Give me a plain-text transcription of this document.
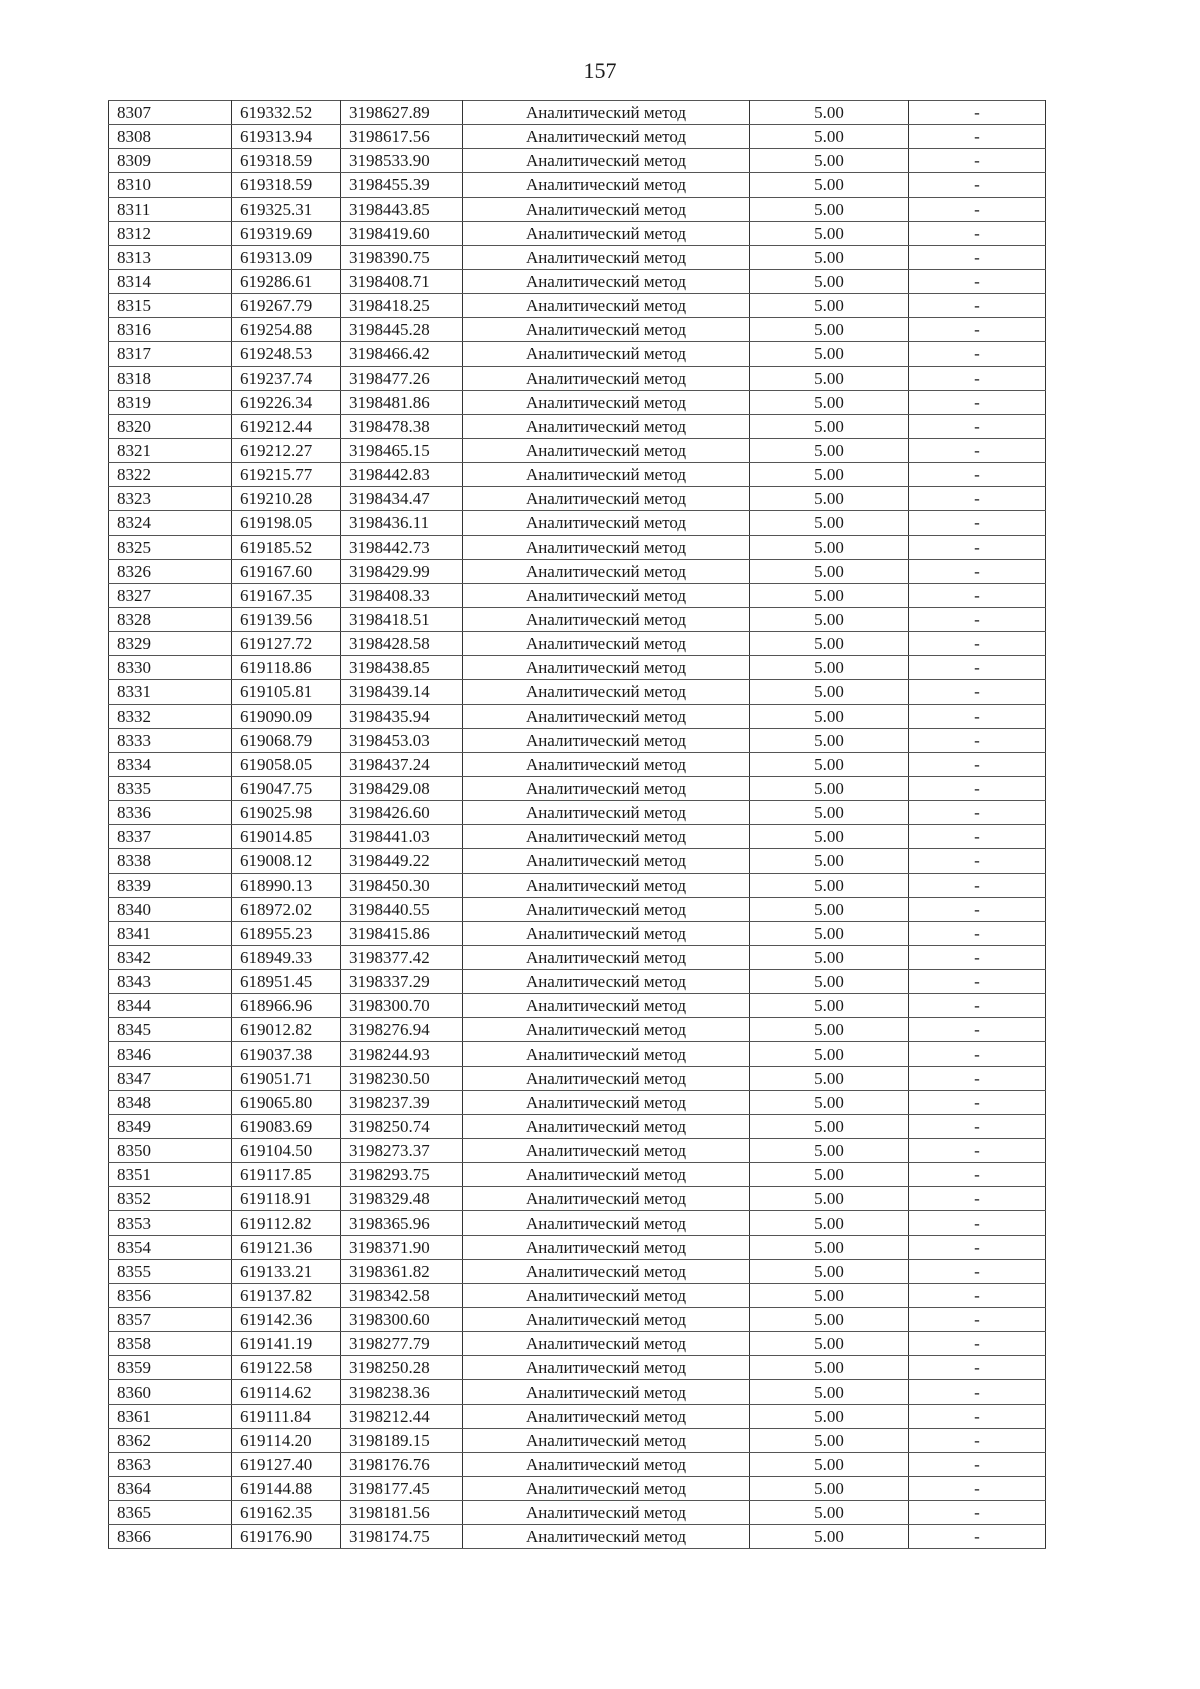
157
8307	619332.52	3198627.89	Аналитический метод	5.00	-
8308	619313.94	3198617.56	Аналитический метод	5.00	-
8309	619318.59	3198533.90	Аналитический метод	5.00	-
8310	619318.59	3198455.39	Аналитический метод	5.00	-
8311	619325.31	3198443.85	Аналитический метод	5.00	-
8312	619319.69	3198419.60	Аналитический метод	5.00	-
8313	619313.09	3198390.75	Аналитический метод	5.00	-
8314	619286.61	3198408.71	Аналитический метод	5.00	-
8315	619267.79	3198418.25	Аналитический метод	5.00	-
8316	619254.88	3198445.28	Аналитический метод	5.00	-
8317	619248.53	3198466.42	Аналитический метод	5.00	-
8318	619237.74	3198477.26	Аналитический метод	5.00	-
8319	619226.34	3198481.86	Аналитический метод	5.00	-
8320	619212.44	3198478.38	Аналитический метод	5.00	-
8321	619212.27	3198465.15	Аналитический метод	5.00	-
8322	619215.77	3198442.83	Аналитический метод	5.00	-
8323	619210.28	3198434.47	Аналитический метод	5.00	-
8324	619198.05	3198436.11	Аналитический метод	5.00	-
8325	619185.52	3198442.73	Аналитический метод	5.00	-
8326	619167.60	3198429.99	Аналитический метод	5.00	-
8327	619167.35	3198408.33	Аналитический метод	5.00	-
8328	619139.56	3198418.51	Аналитический метод	5.00	-
8329	619127.72	3198428.58	Аналитический метод	5.00	-
8330	619118.86	3198438.85	Аналитический метод	5.00	-
8331	619105.81	3198439.14	Аналитический метод	5.00	-
8332	619090.09	3198435.94	Аналитический метод	5.00	-
8333	619068.79	3198453.03	Аналитический метод	5.00	-
8334	619058.05	3198437.24	Аналитический метод	5.00	-
8335	619047.75	3198429.08	Аналитический метод	5.00	-
8336	619025.98	3198426.60	Аналитический метод	5.00	-
8337	619014.85	3198441.03	Аналитический метод	5.00	-
8338	619008.12	3198449.22	Аналитический метод	5.00	-
8339	618990.13	3198450.30	Аналитический метод	5.00	-
8340	618972.02	3198440.55	Аналитический метод	5.00	-
8341	618955.23	3198415.86	Аналитический метод	5.00	-
8342	618949.33	3198377.42	Аналитический метод	5.00	-
8343	618951.45	3198337.29	Аналитический метод	5.00	-
8344	618966.96	3198300.70	Аналитический метод	5.00	-
8345	619012.82	3198276.94	Аналитический метод	5.00	-
8346	619037.38	3198244.93	Аналитический метод	5.00	-
8347	619051.71	3198230.50	Аналитический метод	5.00	-
8348	619065.80	3198237.39	Аналитический метод	5.00	-
8349	619083.69	3198250.74	Аналитический метод	5.00	-
8350	619104.50	3198273.37	Аналитический метод	5.00	-
8351	619117.85	3198293.75	Аналитический метод	5.00	-
8352	619118.91	3198329.48	Аналитический метод	5.00	-
8353	619112.82	3198365.96	Аналитический метод	5.00	-
8354	619121.36	3198371.90	Аналитический метод	5.00	-
8355	619133.21	3198361.82	Аналитический метод	5.00	-
8356	619137.82	3198342.58	Аналитический метод	5.00	-
8357	619142.36	3198300.60	Аналитический метод	5.00	-
8358	619141.19	3198277.79	Аналитический метод	5.00	-
8359	619122.58	3198250.28	Аналитический метод	5.00	-
8360	619114.62	3198238.36	Аналитический метод	5.00	-
8361	619111.84	3198212.44	Аналитический метод	5.00	-
8362	619114.20	3198189.15	Аналитический метод	5.00	-
8363	619127.40	3198176.76	Аналитический метод	5.00	-
8364	619144.88	3198177.45	Аналитический метод	5.00	-
8365	619162.35	3198181.56	Аналитический метод	5.00	-
8366	619176.90	3198174.75	Аналитический метод	5.00	-
